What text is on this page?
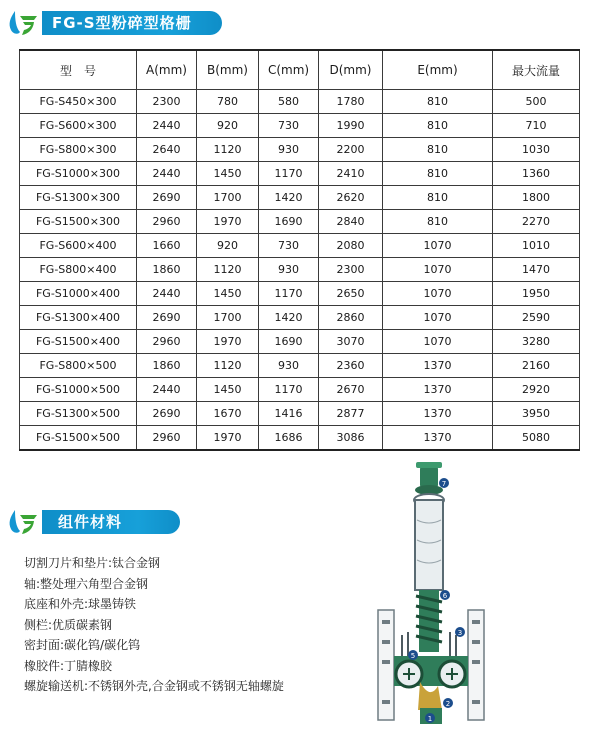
FG-S型粉碎型格栅
型　号	A(mm)	B(mm)	C(mm)	D(mm)	E(mm)	最大流量
FG-S450×300	2300	780	580	1780	810	500
FG-S600×300	2440	920	730	1990	810	710
FG-S800×300	2640	1120	930	2200	810	1030
FG-S1000×300	2440	1450	1170	2410	810	1360
FG-S1300×300	2690	1700	1420	2620	810	1800
FG-S1500×300	2960	1970	1690	2840	810	2270
FG-S600×400	1660	920	730	2080	1070	1010
FG-S800×400	1860	1120	930	2300	1070	1470
FG-S1000×400	2440	1450	1170	2650	1070	1950
FG-S1300×400	2690	1700	1420	2860	1070	2590
FG-S1500×400	2960	1970	1690	3070	1070	3280
FG-S800×500	1860	1120	930	2360	1370	2160
FG-S1000×500	2440	1450	1170	2670	1370	2920
FG-S1300×500	2690	1670	1416	2877	1370	3950
FG-S1500×500	2960	1970	1686	3086	1370	5080
组件材料
切割刀片和垫片:钛合金钢
轴:整处理六角型合金钢
底座和外壳:球墨铸铁
侧栏:优质碳素钢
密封面:碳化钨/碳化钨
橡胶件:丁腈橡胶
螺旋输送机:不锈钢外壳,合金钢或不锈钢无轴螺旋
7
6
3
5
2
1
